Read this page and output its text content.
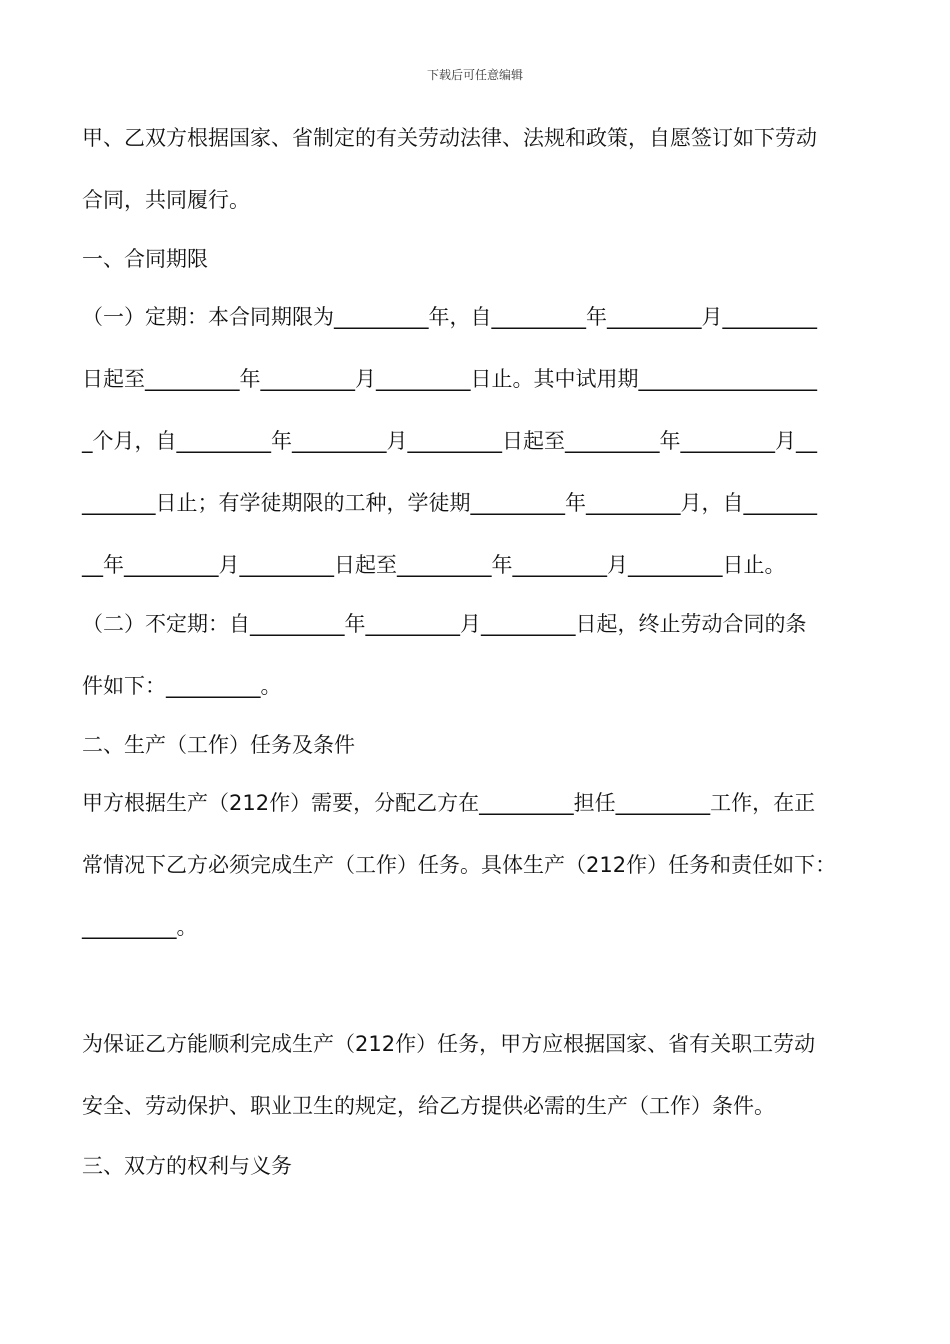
下载后可任意编辑
甲、乙双方根据国家、省制定的有关劳动法律、法规和政策，自愿签订如下劳动
合同，共同履行。
一、合同期限
（一）定期：本合同期限为_________年，自_________年_________月_________
日起至_________年_________月_________日止。其中试用期_________________
_个月，自_________年_________月_________日起至_________年_________月__
_______日止；有学徒期限的工种，学徒期_________年_________月，自_______
__年_________月_________日起至_________年_________月_________日止。
（二）不定期：自_________年_________月_________日起，终止劳动合同的条
件如下：_________。
二、生产（工作）任务及条件
甲方根据生产（212作）需要，分配乙方在_________担任_________工作，在正
常情况下乙方必须完成生产（工作）任务。具体生产（212作）任务和责任如下：
_________。
为保证乙方能顺利完成生产（212作）任务，甲方应根据国家、省有关职工劳动
安全、劳动保护、职业卫生的规定，给乙方提供必需的生产（工作）条件。
三、双方的权利与义务
